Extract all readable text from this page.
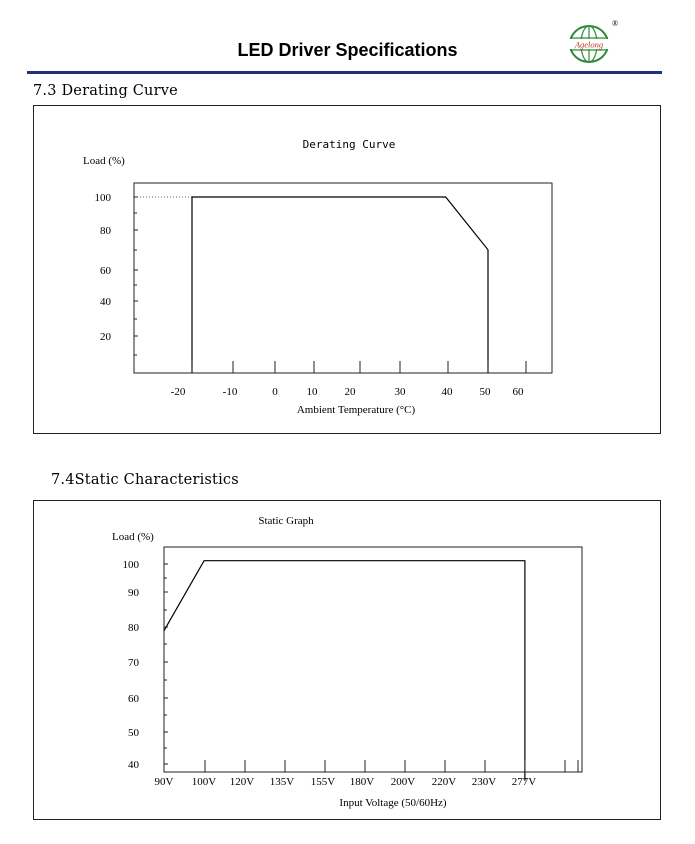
LED Driver Specifications	Agelong
®
7.3 Derating Curve
7.4Static Characteristics
Derating Curve
Load (%)
Ambient Temperature (°C)
100
80
60
40
20
-20	-10	0	10 20	30	40 50 60
Static Graph
Load (%)
Input Voltage (50/60Hz)
100
90
80
70
60
50
40
90V 100V 120V 135V 155V 180V 200V 220V 230V 277V
